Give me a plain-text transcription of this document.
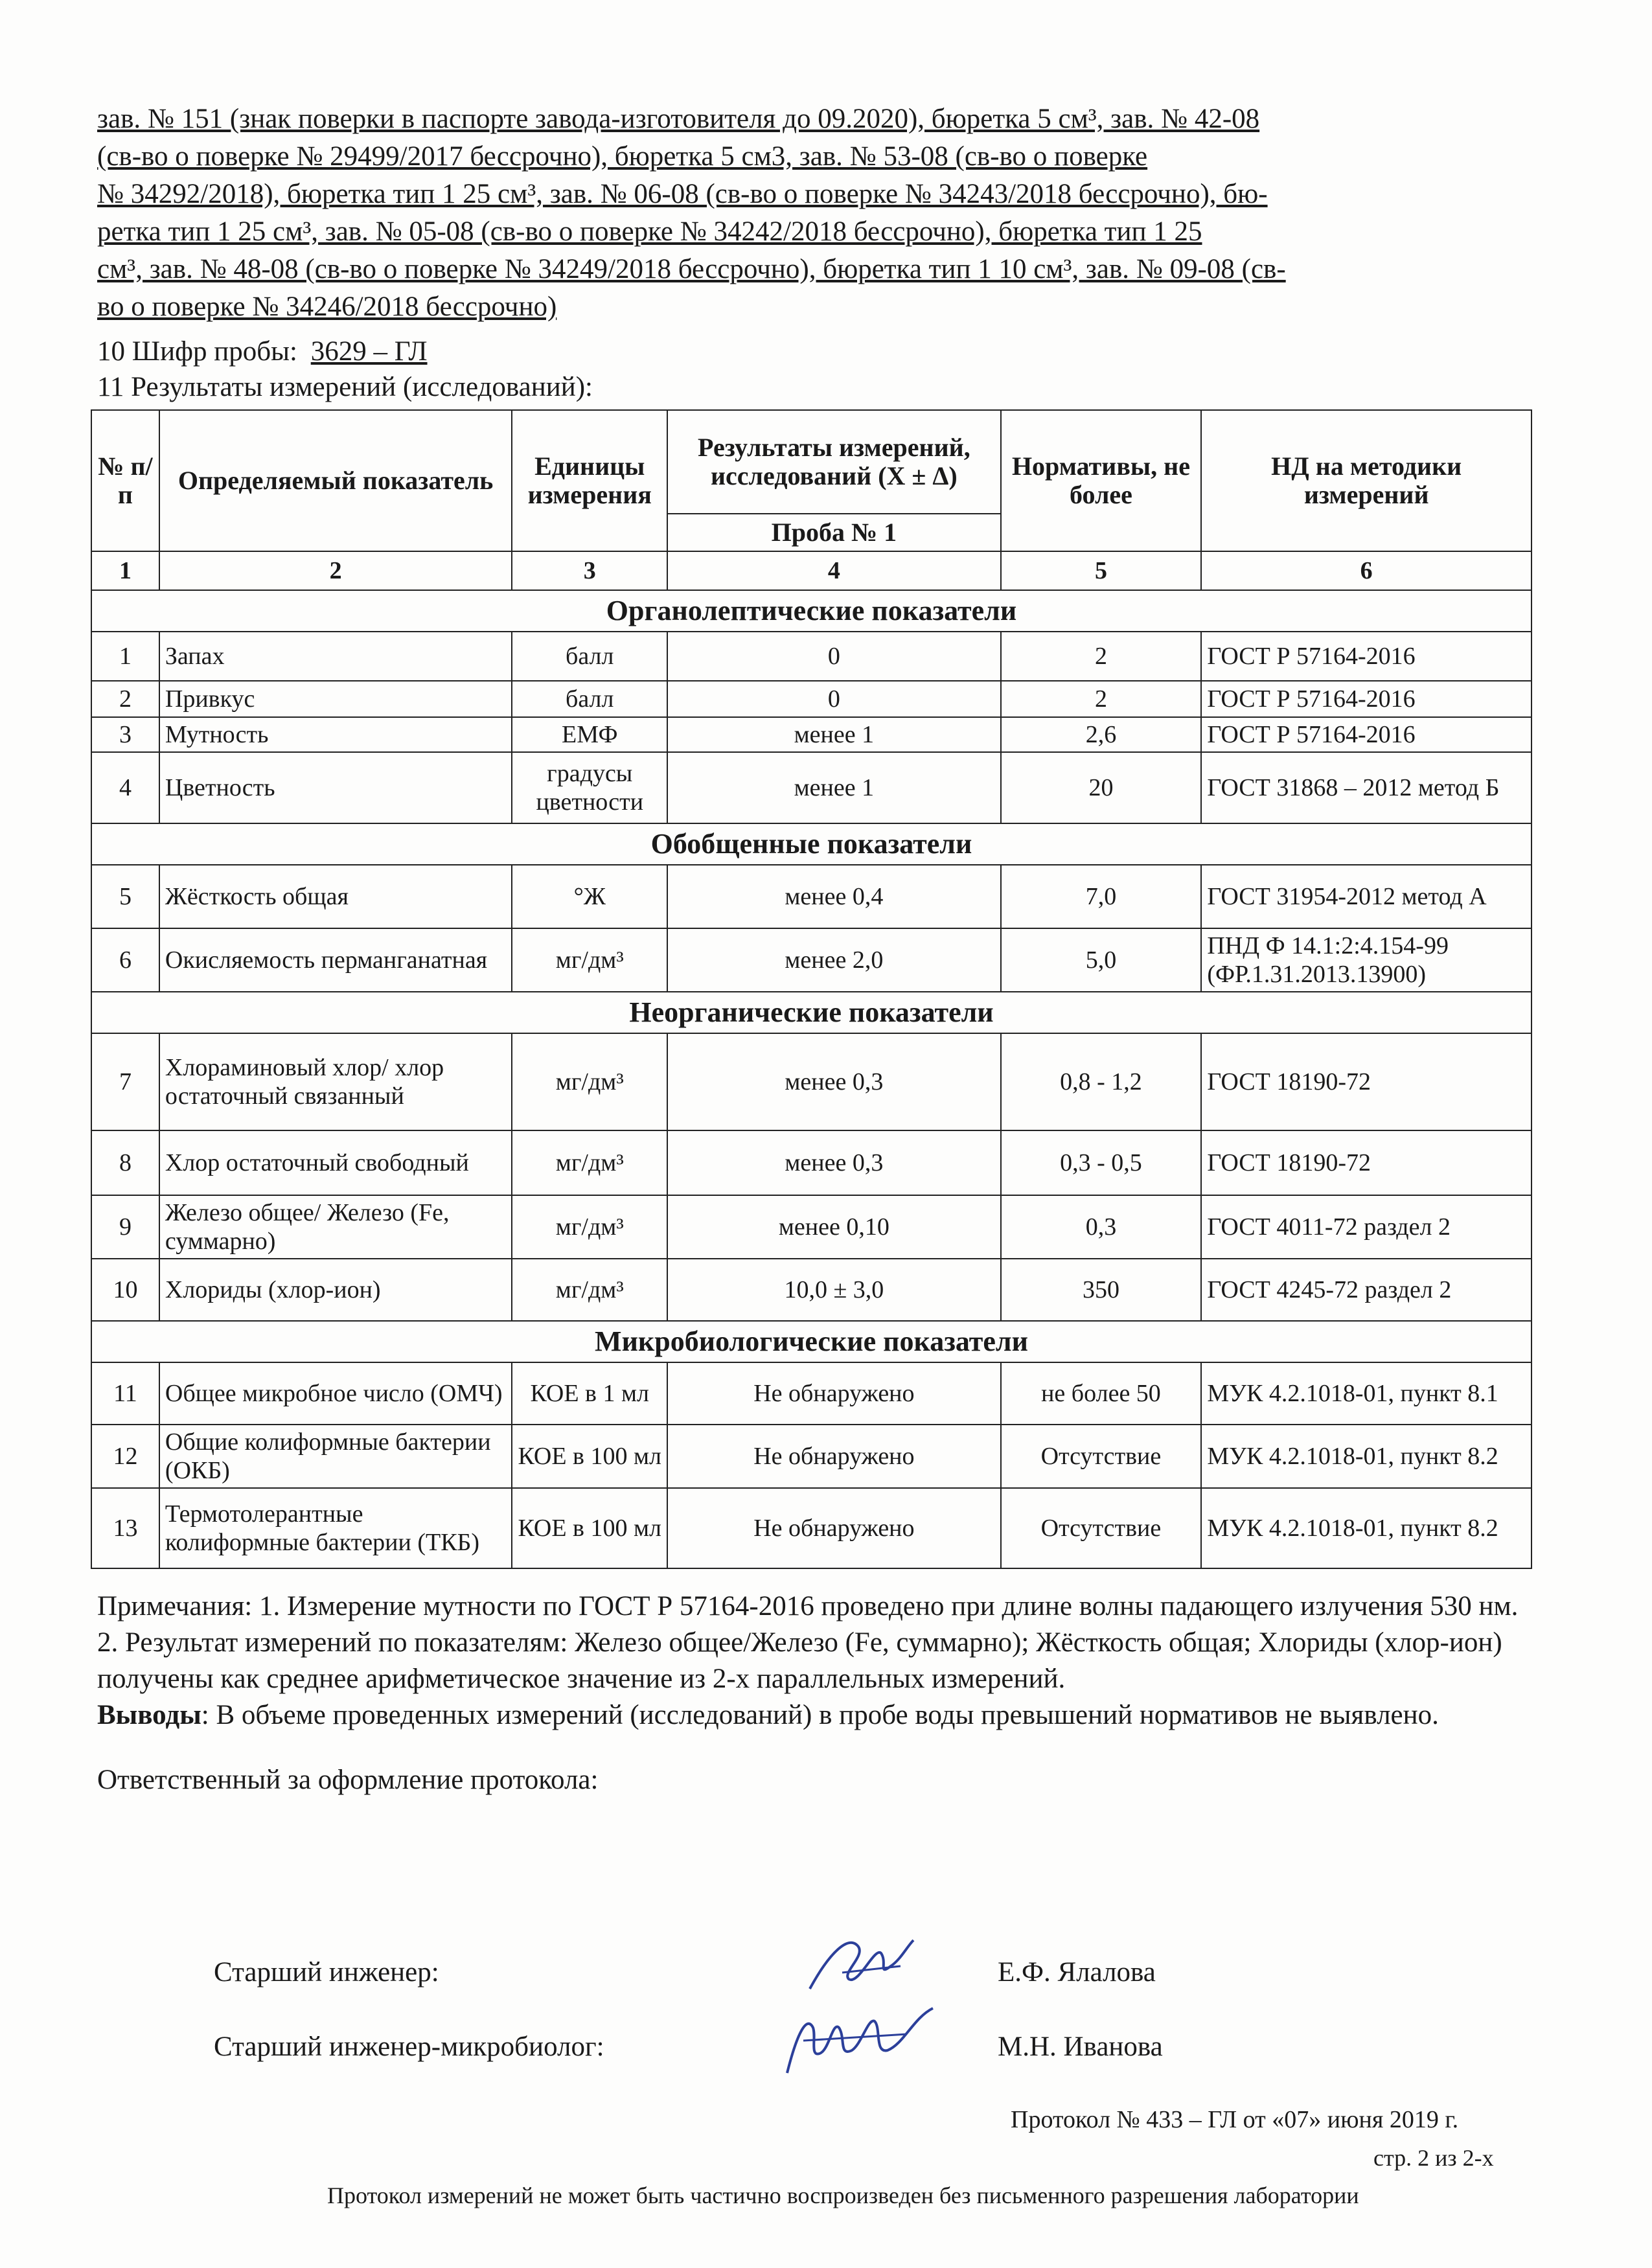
зав. № 151 (знак поверки в паспорте завода-изготовителя до 09.2020), бюретка 5 см³, зав. № 42-08
(св-во о поверке № 29499/2017 бессрочно), бюретка 5 см3, зав. № 53-08 (св-во о поверке
№ 34292/2018), бюретка тип 1 25 см³, зав. № 06-08 (св-во о поверке № 34243/2018 бессрочно), бю-
ретка тип 1 25 см³, зав. № 05-08 (св-во о поверке № 34242/2018 бессрочно), бюретка тип 1 25
см³, зав. № 48-08 (св-во о поверке № 34249/2018 бессрочно), бюретка тип 1 10 см³, зав. № 09-08 (св-
во о поверке № 34246/2018 бессрочно)
10 Шифр пробы: 3629 – ГЛ
11 Результаты измерений (исследований):
№ п/п	Определяемый показатель	Единицы измерения	Результаты измерений, исследований (X ± Δ)	Нормативы, не более	НД на методики измерений
			Проба № 1		
1	2	3	4	5	6
Органолептические показатели					
1	Запах	балл	0	2	ГОСТ Р 57164-2016
2	Привкус	балл	0	2	ГОСТ Р 57164-2016
3	Мутность	ЕМФ	менее 1	2,6	ГОСТ Р 57164-2016
4	Цветность	градусы цветности	менее 1	20	ГОСТ 31868 – 2012 метод Б
Обобщенные показатели					
5	Жёсткость общая	°Ж	менее 0,4	7,0	ГОСТ 31954-2012 метод А
6	Окисляемость перманганатная	мг/дм³	менее 2,0	5,0	ПНД Ф 14.1:2:4.154-99 (ФР.1.31.2013.13900)
Неорганические показатели					
7	Хлораминовый хлор/ хлор остаточный связанный	мг/дм³	менее 0,3	0,8 - 1,2	ГОСТ 18190-72
8	Хлор остаточный свободный	мг/дм³	менее 0,3	0,3 - 0,5	ГОСТ 18190-72
9	Железо общее/ Железо (Fe, суммарно)	мг/дм³	менее 0,10	0,3	ГОСТ 4011-72 раздел 2
10	Хлориды (хлор-ион)	мг/дм³	10,0 ± 3,0	350	ГОСТ 4245-72 раздел 2
Микробиологические показатели					
11	Общее микробное число (ОМЧ)	КОЕ в 1 мл	Не обнаружено	не более 50	МУК 4.2.1018-01, пункт 8.1
12	Общие колиформные бактерии (ОКБ)	КОЕ в 100 мл	Не обнаружено	Отсутствие	МУК 4.2.1018-01, пункт 8.2
13	Термотолерантные колиформные бактерии (ТКБ)	КОЕ в 100 мл	Не обнаружено	Отсутствие	МУК 4.2.1018-01, пункт 8.2

Примечания: 1. Измерение мутности по ГОСТ Р 57164-2016 проведено при длине волны падающего излучения 530 нм.

2. Результат измерений по показателям: Железо общее/Железо (Fe, суммарно); Жёсткость общая; Хлориды (хлор-ион) получены как среднее арифметическое значение из 2-х параллельных измерений.

Выводы: В объеме проведенных измерений (исследований) в пробе воды превышений нормативов не выявлено.

Ответственный за оформление протокола:

Старший инженер:	Е.Ф. Ялалова
Старший инженер-микробиолог:	М.Н. Иванова
Протокол № 433 – ГЛ от «07» июня 2019 г.
стр. 2 из 2-х
Протокол измерений не может быть частично воспроизведен без письменного разрешения лаборатории
